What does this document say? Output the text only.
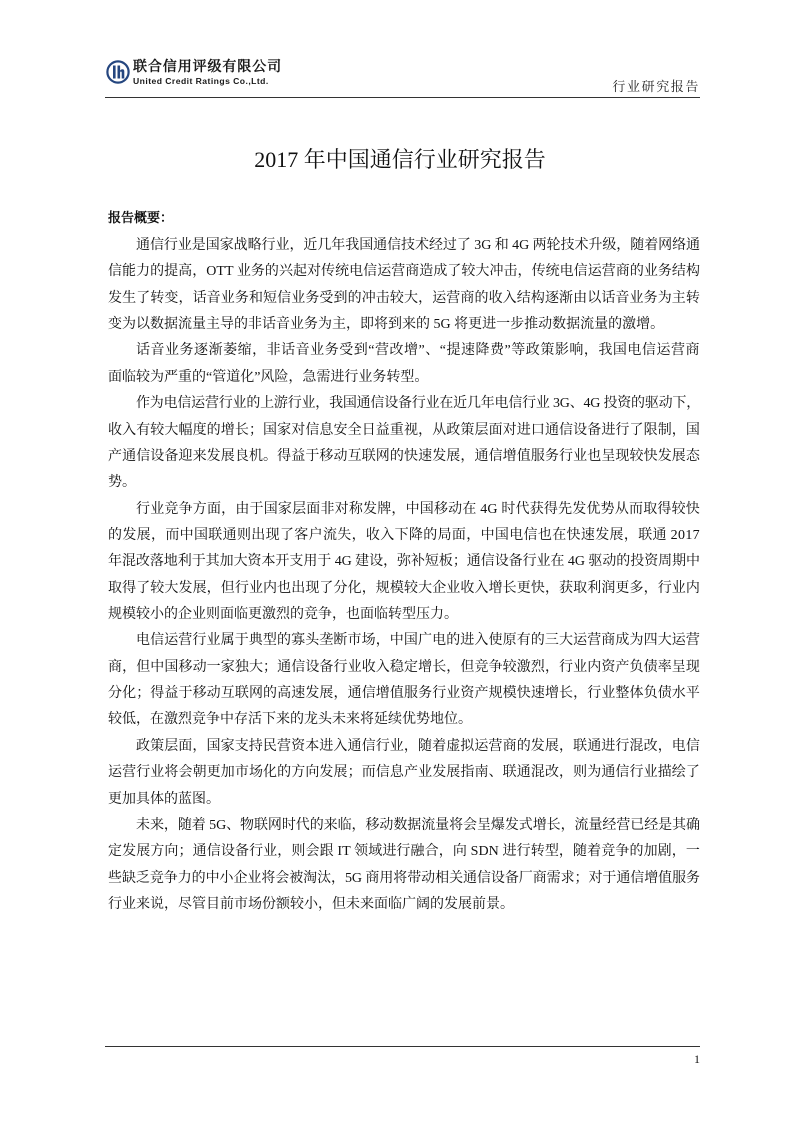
联合信用评级有限公司
United Credit Ratings Co.,Ltd.	行业研究报告
2017 年中国通信行业研究报告
报告概要：
通信行业是国家战略行业，近几年我国通信技术经过了 3G 和 4G 两轮技术升级，随着网络通
信能力的提高，OTT 业务的兴起对传统电信运营商造成了较大冲击，传统电信运营商的业务结构
发生了转变，话音业务和短信业务受到的冲击较大，运营商的收入结构逐渐由以话音业务为主转
变为以数据流量主导的非话音业务为主，即将到来的 5G 将更进一步推动数据流量的激增。
话音业务逐渐萎缩，非话音业务受到“营改增”、“提速降费”等政策影响，我国电信运营商
面临较为严重的“管道化”风险，急需进行业务转型。
作为电信运营行业的上游行业，我国通信设备行业在近几年电信行业 3G、4G 投资的驱动下，
收入有较大幅度的增长；国家对信息安全日益重视，从政策层面对进口通信设备进行了限制，国
产通信设备迎来发展良机。得益于移动互联网的快速发展，通信增值服务行业也呈现较快发展态
势。
行业竞争方面，由于国家层面非对称发牌，中国移动在 4G 时代获得先发优势从而取得较快
的发展，而中国联通则出现了客户流失，收入下降的局面，中国电信也在快速发展，联通 2017
年混改落地利于其加大资本开支用于 4G 建设，弥补短板；通信设备行业在 4G 驱动的投资周期中
取得了较大发展，但行业内也出现了分化，规模较大企业收入增长更快，获取利润更多，行业内
规模较小的企业则面临更激烈的竞争，也面临转型压力。
电信运营行业属于典型的寡头垄断市场，中国广电的进入使原有的三大运营商成为四大运营
商，但中国移动一家独大；通信设备行业收入稳定增长，但竞争较激烈，行业内资产负债率呈现
分化；得益于移动互联网的高速发展，通信增值服务行业资产规模快速增长，行业整体负债水平
较低，在激烈竞争中存活下来的龙头未来将延续优势地位。
政策层面，国家支持民营资本进入通信行业，随着虚拟运营商的发展，联通进行混改，电信
运营行业将会朝更加市场化的方向发展；而信息产业发展指南、联通混改，则为通信行业描绘了
更加具体的蓝图。
未来，随着 5G、物联网时代的来临，移动数据流量将会呈爆发式增长，流量经营已经是其确
定发展方向；通信设备行业，则会跟 IT 领域进行融合，向 SDN 进行转型，随着竞争的加剧，一
些缺乏竞争力的中小企业将会被淘汰，5G 商用将带动相关通信设备厂商需求；对于通信增值服务
行业来说，尽管目前市场份额较小，但未来面临广阔的发展前景。
1
